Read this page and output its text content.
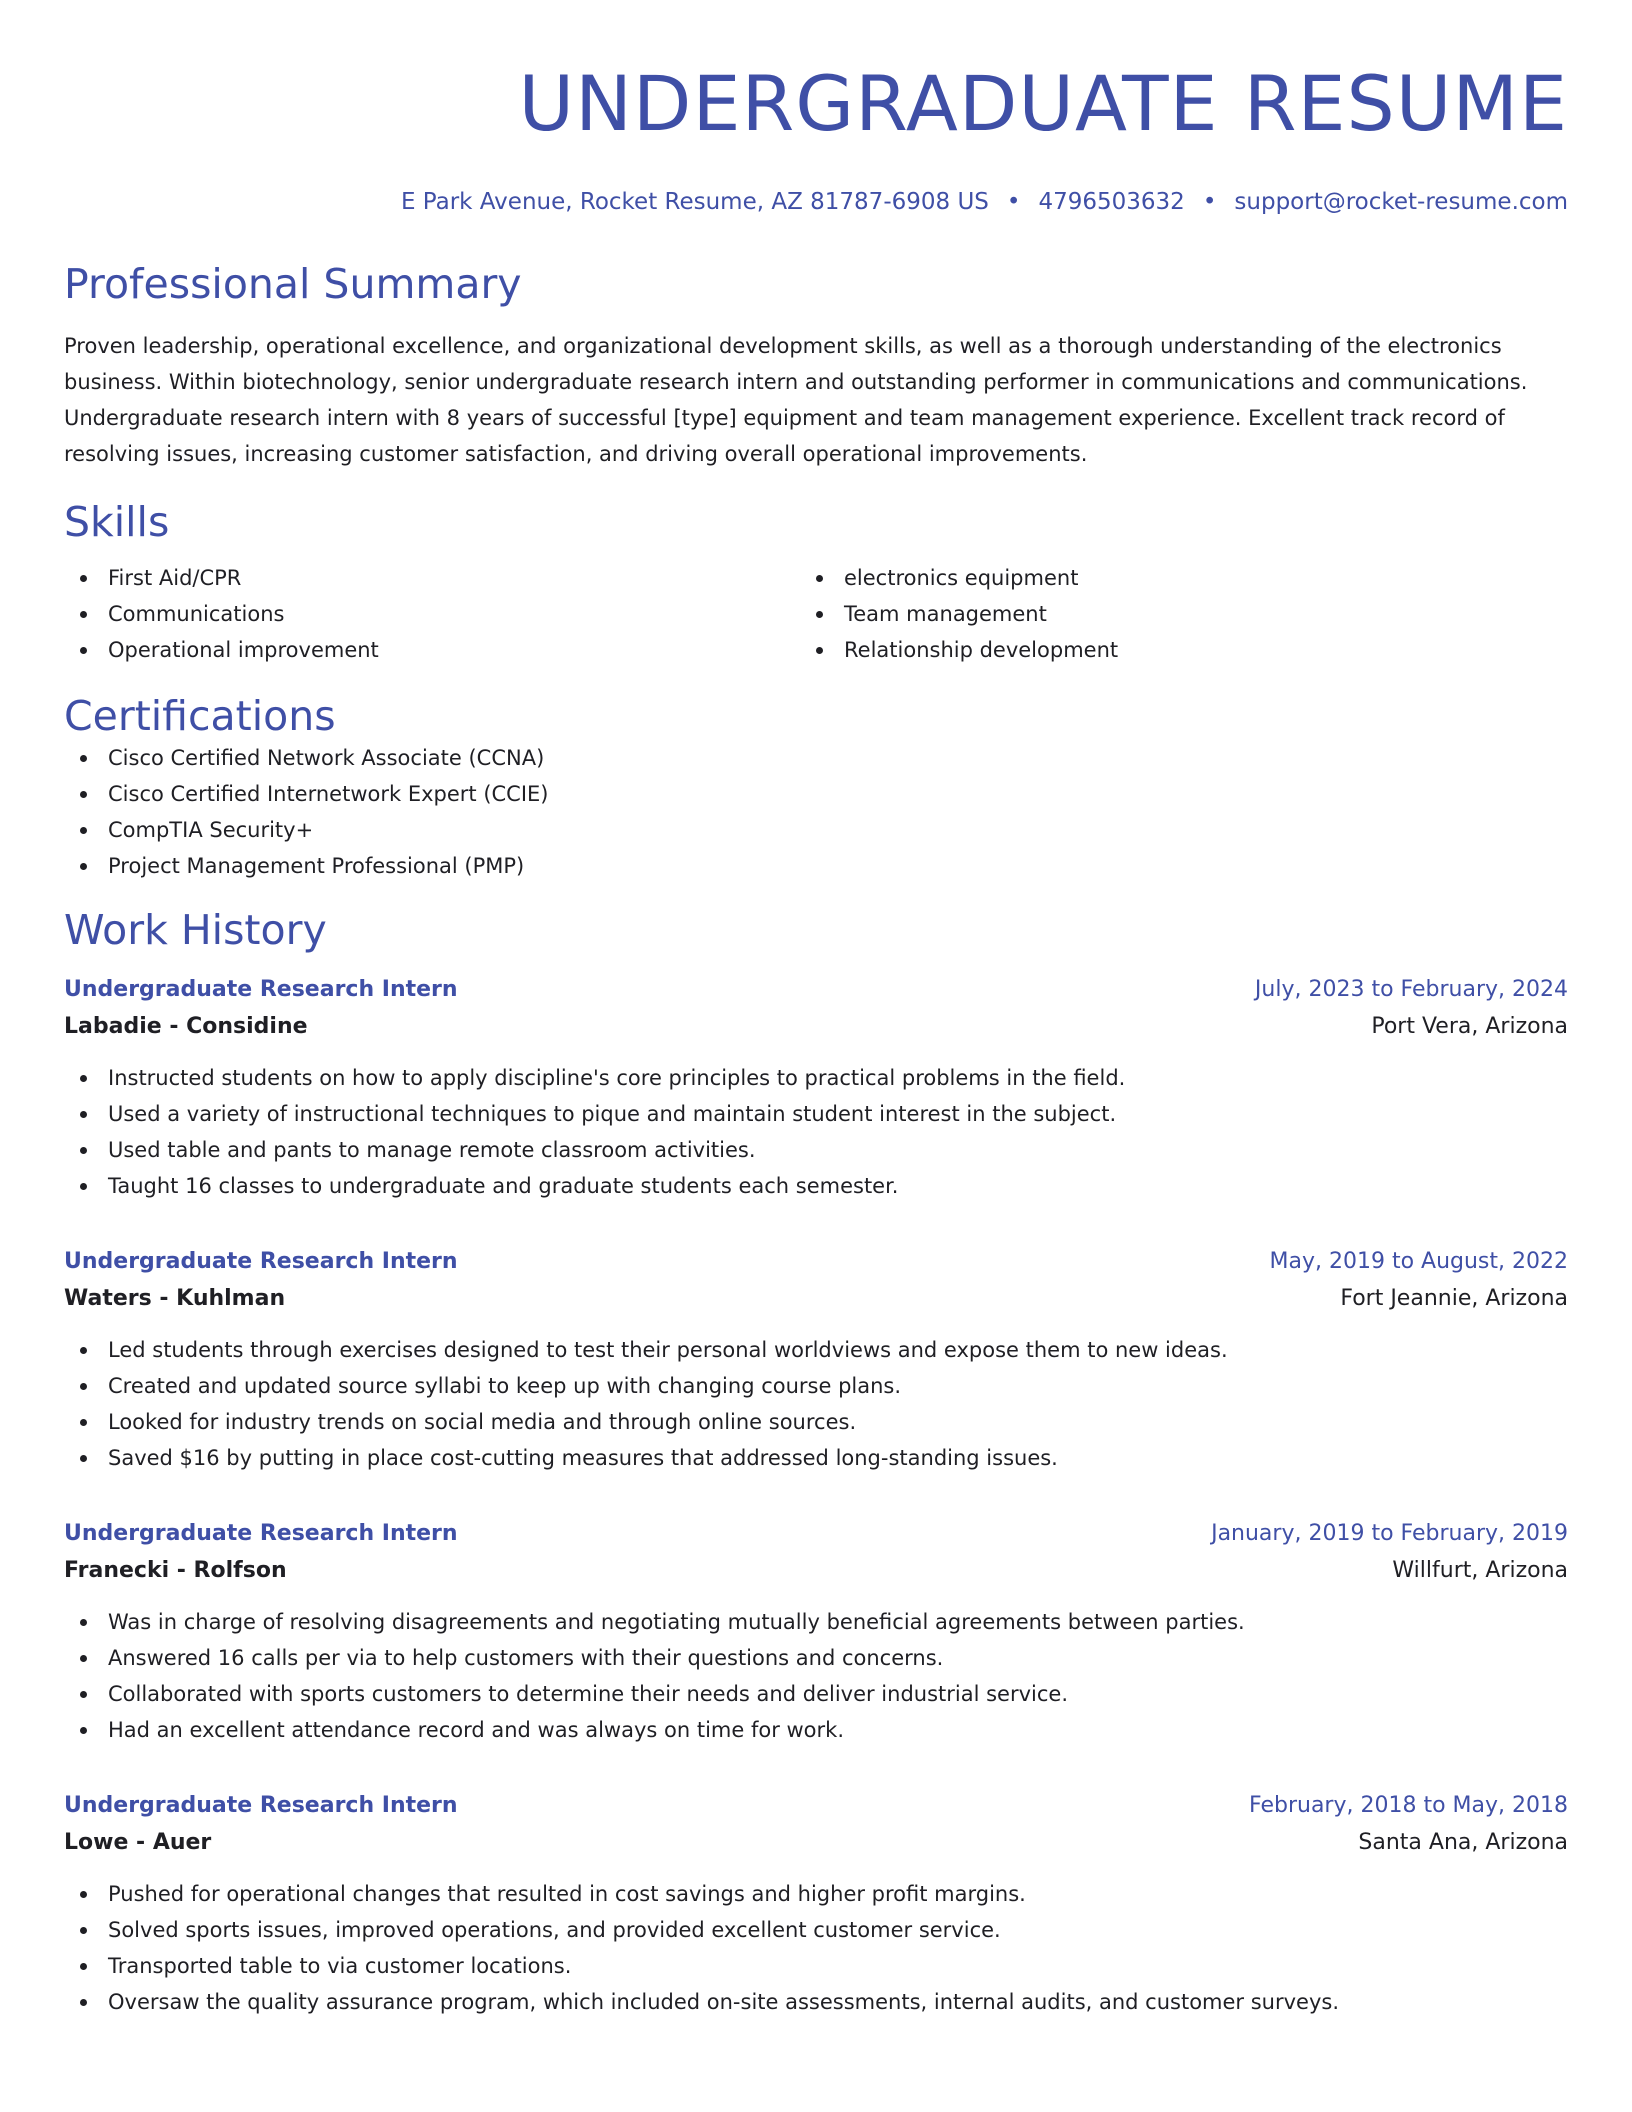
UNDERGRADUATE RESUME
E Park Avenue, Rocket Resume, AZ 81787-6908 US • 4796503632 • support@rocket-resume.com
Professional Summary

Proven leadership, operational excellence, and organizational development skills, as well as a thorough understanding of the electronics business. Within biotechnology, senior undergraduate research intern and outstanding performer in communications and communications. Undergraduate research intern with 8 years of successful [type] equipment and team management experience. Excellent track record of resolving issues, increasing customer satisfaction, and driving overall operational improvements.

Skills
First Aid/CPR
Communications
Operational improvement
electronics equipment
Team management
Relationship development
Certifications
Cisco Certified Network Associate (CCNA)
Cisco Certified Internetwork Expert (CCIE)
CompTIA Security+
Project Management Professional (PMP)
Work History
Undergraduate Research Intern	July, 2023 to February, 2024
Labadie - Considine	Port Vera, Arizona
Instructed students on how to apply discipline's core principles to practical problems in the field.
Used a variety of instructional techniques to pique and maintain student interest in the subject.
Used table and pants to manage remote classroom activities.
Taught 16 classes to undergraduate and graduate students each semester.
Undergraduate Research Intern	May, 2019 to August, 2022
Waters - Kuhlman	Fort Jeannie, Arizona
Led students through exercises designed to test their personal worldviews and expose them to new ideas.
Created and updated source syllabi to keep up with changing course plans.
Looked for industry trends on social media and through online sources.
Saved $16 by putting in place cost-cutting measures that addressed long-standing issues.
Undergraduate Research Intern	January, 2019 to February, 2019
Franecki - Rolfson	Willfurt, Arizona
Was in charge of resolving disagreements and negotiating mutually beneficial agreements between parties.
Answered 16 calls per via to help customers with their questions and concerns.
Collaborated with sports customers to determine their needs and deliver industrial service.
Had an excellent attendance record and was always on time for work.
Undergraduate Research Intern	February, 2018 to May, 2018
Lowe - Auer	Santa Ana, Arizona
Pushed for operational changes that resulted in cost savings and higher profit margins.
Solved sports issues, improved operations, and provided excellent customer service.
Transported table to via customer locations.
Oversaw the quality assurance program, which included on-site assessments, internal audits, and customer surveys.
